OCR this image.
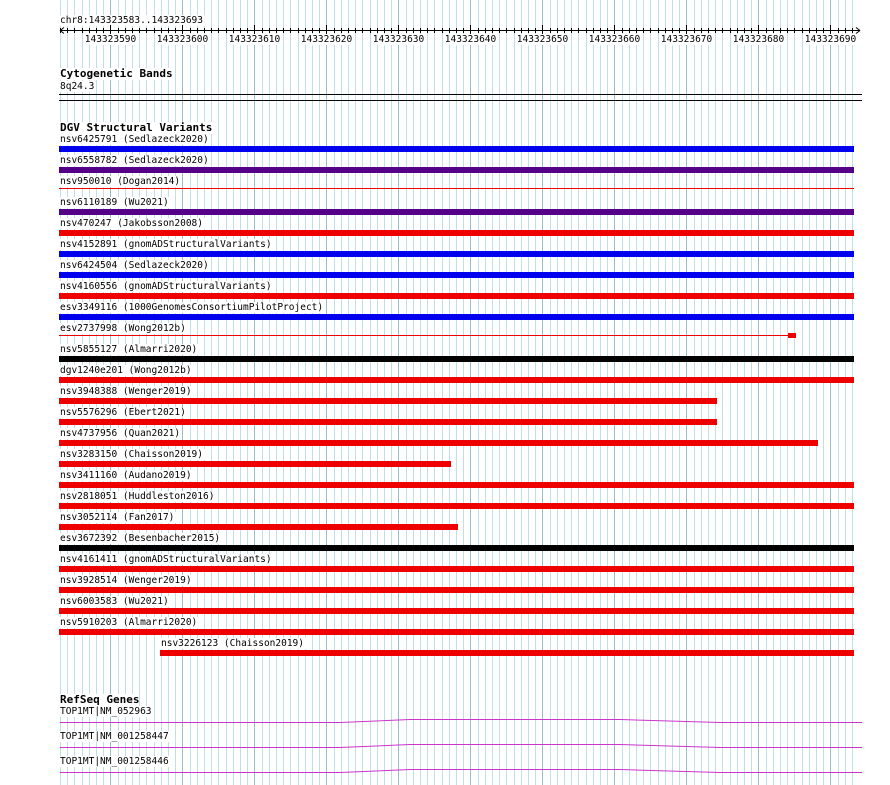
chr8:143323583..143323693
143323590 143323600 143323610 143323620 143323630 143323640 143323650 143323660 143323670 143323680 143323690
Cytogenetic Bands
8q24.3
DGV Structural Variants
nsv6425791 (Sedlazeck2020)
nsv6558782 (Sedlazeck2020)
nsv950010 (Dogan2014)
nsv6110189 (Wu2021)
nsv470247 (Jakobsson2008)
nsv4152891 (gnomADStructuralVariants)
nsv6424504 (Sedlazeck2020)
nsv4160556 (gnomADStructuralVariants)
esv3349116 (1000GenomesConsortiumPilotProject)
esv2737998 (Wong2012b)
nsv5855127 (Almarri2020)
dgv1240e201 (Wong2012b)
nsv3948388 (Wenger2019)
nsv5576296 (Ebert2021)
nsv4737956 (Quan2021)
nsv3283150 (Chaisson2019)
nsv3411160 (Audano2019)
nsv2818051 (Huddleston2016)
nsv3052114 (Fan2017)
esv3672392 (Besenbacher2015)
nsv4161411 (gnomADStructuralVariants)
nsv3928514 (Wenger2019)
nsv6003583 (Wu2021)
nsv5910203 (Almarri2020)
nsv3226123 (Chaisson2019)
RefSeq Genes
TOP1MT|NM_052963
TOP1MT|NM_001258447
TOP1MT|NM_001258446
